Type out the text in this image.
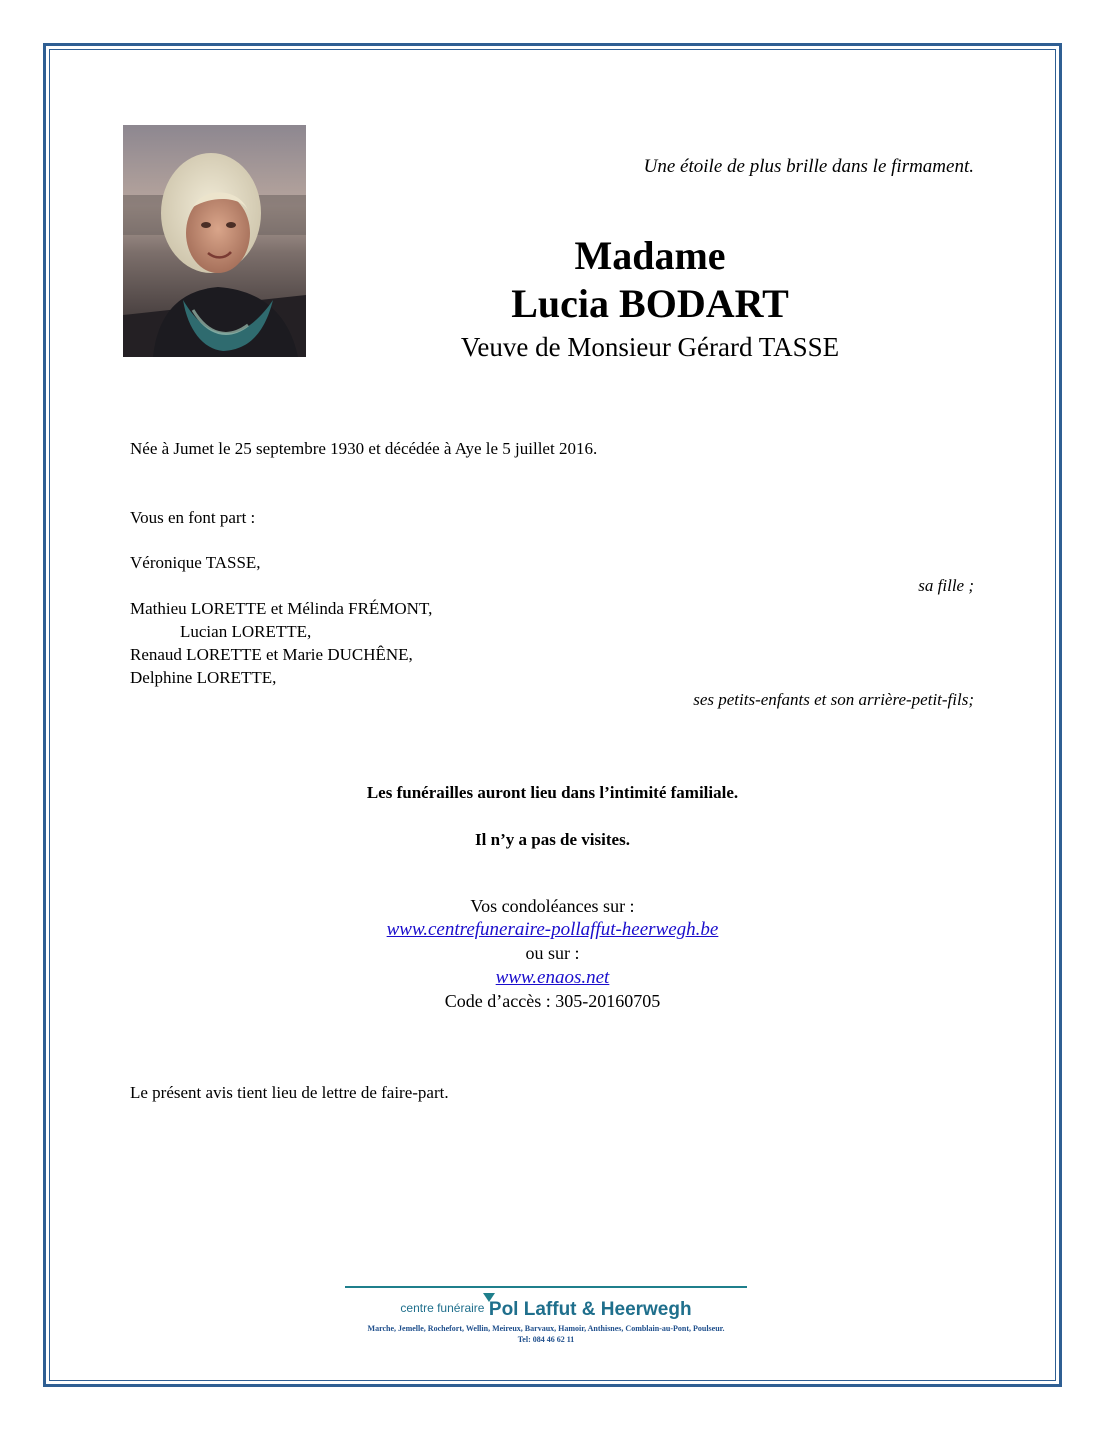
Une étoile de plus brille dans le firmament.
Madame
Lucia BODART
Veuve de Monsieur Gérard TASSE
Née à Jumet le 25 septembre 1930 et décédée à Aye le 5 juillet 2016.
Vous en font part :
Véronique TASSE,
sa fille ;
Mathieu LORETTE et Mélinda FRÉMONT,
Lucian LORETTE,
Renaud LORETTE et Marie DUCHÊNE,
Delphine LORETTE,
ses petits-enfants et son arrière-petit-fils;
Les funérailles auront lieu dans l’intimité familiale.
Il n’y a pas de visites.
Vos condoléances sur :
www.centrefuneraire-pollaffut-heerwegh.be
ou sur :
www.enaos.net
Code d’accès : 305-20160705
Le présent avis tient lieu de lettre de faire-part.
centre funéraire Pol Laffut & Heerwegh
Marche, Jemelle, Rochefort, Wellin, Meireux, Barvaux, Hamoir, Anthisnes, Comblain-au-Pont, Poulseur.
Tel: 084 46 62 11
